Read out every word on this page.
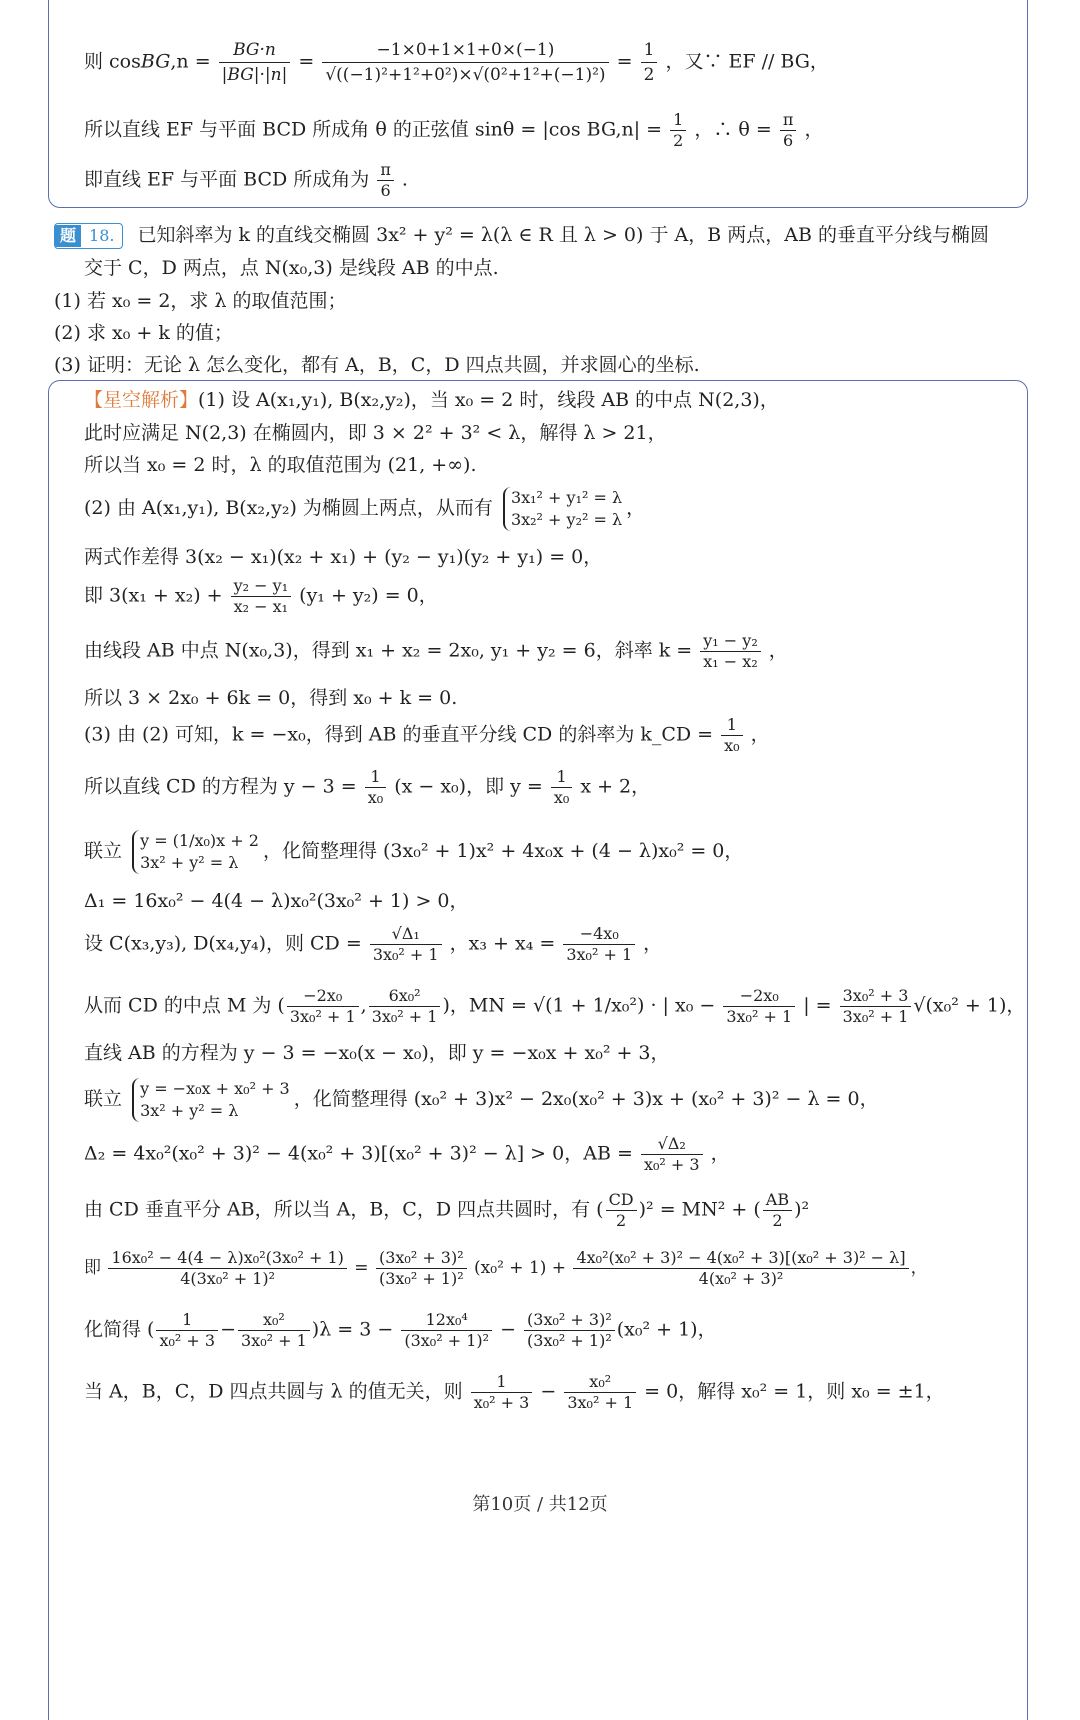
则 cosBG,n = $\frac{BG\cdot n}{|BG|\cdot|n|} = \frac{-1\times 0+1\times 1+0\times(-1)}{\text{√((−1)²+1²+0²)×√(0²+1²+(−1)²)}} = \frac{1}{2}$ ，又∵ EF // BG，
所以直线 EF 与平面 BCD 所成角 θ 的正弦值 sinθ = |cos $BG,n| = \frac{1}{2}$ ，∴ $\theta = \frac{\pi}{6}$ ，
即直线 EF 与平面 BCD 所成角为 $\frac{\pi}{6}$ .
题 18. 已知斜率为 k 的直线交椭圆 3x² + y² = λ(λ ∈ R 且 λ > 0) 于 A，B 两点，AB 的垂直平分线与椭圆
交于 C，D 两点，点 N(x₀,3) 是线段 AB 的中点.
(1) 若 x₀ = 2，求 λ 的取值范围；
(2) 求 x₀ + k 的值；
(3) 证明：无论 λ 怎么变化，都有 A，B，C，D 四点共圆，并求圆心的坐标.
【星空解析】(1) 设 A(x₁,y₁), B(x₂,y₂)，当 x₀ = 2 时，线段 AB 的中点 N(2,3)，
此时应满足 N(2,3) 在椭圆内，即 3 × 2² + 3² < λ，解得 λ > 21，
所以当 x₀ = 2 时，λ 的取值范围为 (21, +∞).
(2) 由 A(x₁,y₁), B(x₂,y₂) 为椭圆上两点，从而有 3x₁² + y₁² = λ
3x₂² + y₂² = λ
，
两式作差得 3(x₂ − x₁)(x₂ + x₁) + (y₂ − y₁)(y₂ + y₁) = 0，
即 $3(x_1 + x_2) + \frac{\text{y₂ − y₁}}{\text{x₂ − x₁}} (y_1 + y_2) = 0$，
由线段 AB 中点 N(x₀,3)，得到 x₁ + x₂ = 2x₀, y₁ + y₂ = 6，斜率 $k = \frac{\text{y₁ − y₂}}{\text{x₁ − x₂}}$ ，
所以 3 × 2x₀ + 6k = 0，得到 x₀ + k = 0.
(3) 由 (2) 可知，k = −x₀，得到 AB 的垂直平分线 CD 的斜率为 k_CD = $\frac{1}{\text{x₀}}$ ，
所以直线 CD 的方程为 $y - 3 = \frac{1}{\text{x₀}} (x - x_0)$，即 $y = \frac{1}{\text{x₀}}$ x + 2，
联立 y = (1/x₀)x + 2
3x² + y² = λ
，化简整理得 (3x₀² + 1)x² + 4x₀x + (4 − λ)x₀² = 0，
Δ₁ = 16x₀² − 4(4 − λ)x₀²(3x₀² + 1) > 0，
设 C(x₃,y₃), D(x₄,y₄)，则 CD = $\frac{\text{√Δ₁}}{\text{3x₀² + 1}}$ ，$x_3 + x_4 = \frac{\text{−4x₀}}{\text{3x₀² + 1}}$ ，
从而 CD 的中点 M 为 ( $\frac{\text{−2x₀}}{\text{3x₀² + 1}}$ , $\frac{\text{6x₀²}}{\text{3x₀² + 1}}$ )，MN = √(1 + 1/x₀²) · | $x_0 - \frac{\text{−2x₀}}{\text{3x₀² + 1}}$ | = $\frac{\text{3x₀² + 3}}{\text{3x₀² + 1}} √(x_0^2 + 1)$，
直线 AB 的方程为 y − 3 = −x₀(x − x₀)，即 y = −x₀x + x₀² + 3，
联立 y = −x₀x + x₀² + 3
3x² + y² = λ
，化简整理得 (x₀² + 3)x² − 2x₀(x₀² + 3)x + (x₀² + 3)² − λ = 0，
Δ₂ = 4x₀²(x₀² + 3)² − 4(x₀² + 3)[(x₀² + 3)² − λ] > 0，AB = $\frac{\text{√Δ₂}}{\text{x₀² + 3}}$ ，
由 CD 垂直平分 AB，所以当 A，B，C，D 四点共圆时，有 ( $\frac{CD}{2} )^2 = MN^2$ + ( $\frac{AB}{2} )^2$
即 $\frac{\text{16x₀² − 4(4 − λ)x₀²(3x₀² + 1)}}{\text{4(3x₀² + 1)²}} = \frac{\text{(3x₀² + 3)²}}{\text{(3x₀² + 1)²}} (x_0^2 + 1) + \frac{\text{4x₀²(x₀² + 3)² − 4(x₀² + 3)[(x₀² + 3)² − λ]}}{\text{4(x₀² + 3)²}}$ ，
化简得 ( $\frac{1}{\text{x₀² + 3}} - \frac{\text{x₀²}}{\text{3x₀² + 1}} )\lambda = 3 - \frac{\text{12x₀⁴}}{\text{(3x₀² + 1)²}} - \frac{\text{(3x₀² + 3)²}}{\text{(3x₀² + 1)²}} (x_0^2 + 1)$，
当 A，B，C，D 四点共圆与 λ 的值无关，则 $\frac{1}{\text{x₀² + 3}} - \frac{\text{x₀²}}{\text{3x₀² + 1}} = 0$，解得 x₀² = 1，则 x₀ = ±1，
第10页 / 共12页
